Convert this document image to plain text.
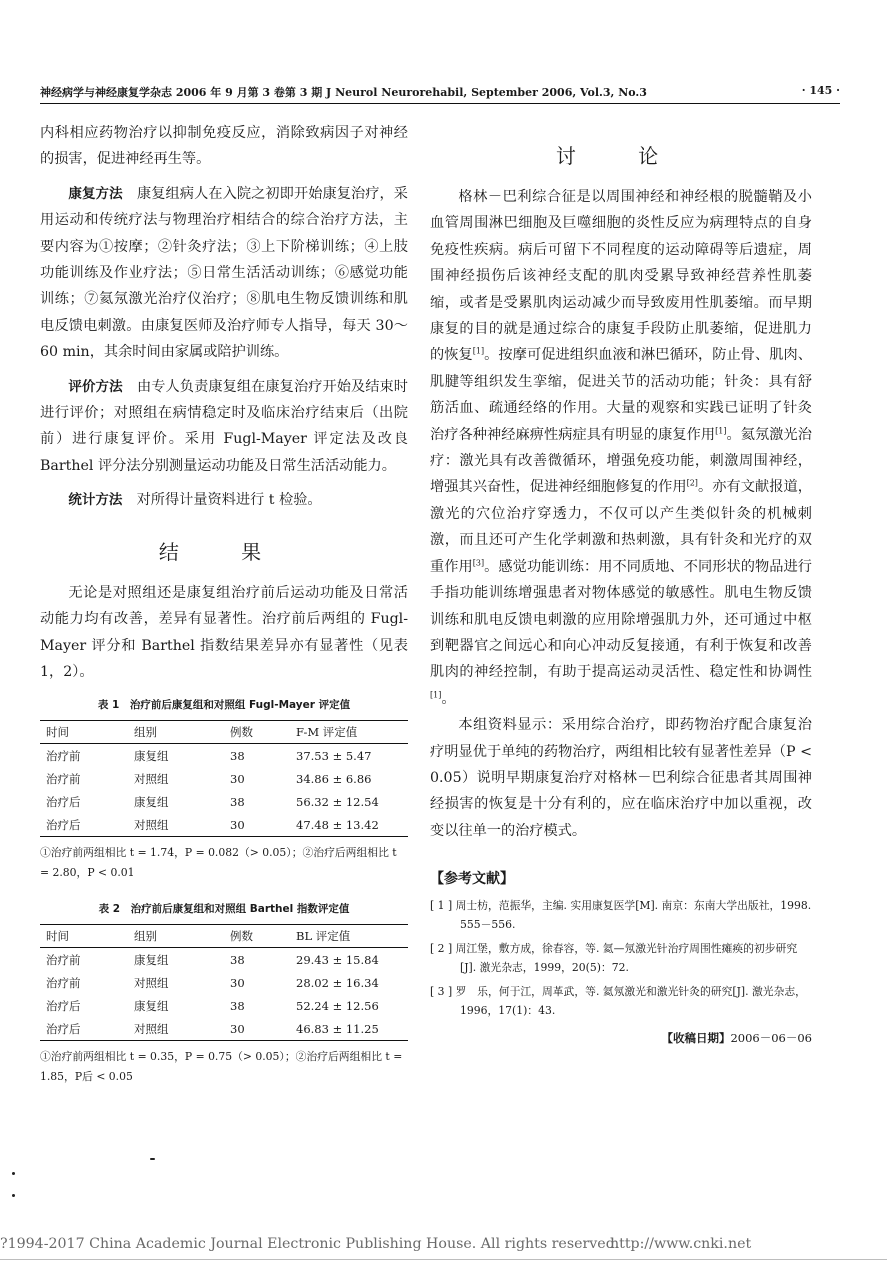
神经病学与神经康复学杂志 2006 年 9 月第 3 卷第 3 期 J Neurol Neurorehabil, September 2006, Vol.3, No.3	· 145 ·

内科相应药物治疗以抑制免疫反应，消除致病因子对神经的损害，促进神经再生等。

康复方法　 康复组病人在入院之初即开始康复治疗，采用运动和传统疗法与物理治疗相结合的综合治疗方法，主要内容为①按摩；②针灸疗法；③上下阶梯训练；④上肢功能训练及作业疗法；⑤日常生活活动训练；⑥感觉功能训练；⑦氦氖激光治疗仪治疗；⑧肌电生物反馈训练和肌电反馈电刺激。由康复医师及治疗师专人指导，每天 30～60 min，其余时间由家属或陪护训练。

评价方法　 由专人负责康复组在康复治疗开始及结束时进行评价；对照组在病情稳定时及临床治疗结束后（出院前）进行康复评价。采用 Fugl-Mayer 评定法及改良 Barthel 评分法分别测量运动功能及日常生活活动能力。

统计方法　 对所得计量资料进行 t 检验。

结 果

无论是对照组还是康复组治疗前后运动功能及日常活动能力均有改善，差异有显著性。治疗前后两组的 Fugl-Mayer 评分和 Barthel 指数结果差异亦有显著性（见表 1，2）。

表 1　治疗前后康复组和对照组 Fugl-Mayer 评定值
时间	组别	例数	F-M 评定值
治疗前	康复组	38	37.53 ± 5.47
治疗前	对照组	30	34.86 ± 6.86
治疗后	康复组	38	56.32 ± 12.54
治疗后	对照组	30	47.48 ± 13.42
①治疗前两组相比 t = 1.74，P = 0.082（> 0.05）；②治疗后两组相比 t = 2.80，P < 0.01
表 2　治疗前后康复组和对照组 Barthel 指数评定值
时间	组别	例数	BL 评定值
治疗前	康复组	38	29.43 ± 15.84
治疗前	对照组	30	28.02 ± 16.34
治疗后	康复组	38	52.24 ± 12.56
治疗后	对照组	30	46.83 ± 11.25
①治疗前两组相比 t = 0.35，P = 0.75（> 0.05）；②治疗后两组相比 t = 1.85，P后 < 0.05
讨 论

格林－巴利综合征是以周围神经和神经根的脱髓鞘及小血管周围淋巴细胞及巨噬细胞的炎性反应为病理特点的自身免疫性疾病。病后可留下不同程度的运动障碍等后遗症，周围神经损伤后该神经支配的肌肉受累导致神经营养性肌萎缩，或者是受累肌肉运动减少而导致废用性肌萎缩。而早期康复的目的就是通过综合的康复手段防止肌萎缩，促进肌力的恢复[1]。按摩可促进组织血液和淋巴循环，防止骨、肌肉、肌腱等组织发生挛缩，促进关节的活动功能；针灸：具有舒筋活血、疏通经络的作用。大量的观察和实践已证明了针灸治疗各种神经麻痹性病症具有明显的康复作用[1]。氦氖激光治疗：激光具有改善微循环，增强免疫功能，刺激周围神经，增强其兴奋性，促进神经细胞修复的作用[2]。亦有文献报道，激光的穴位治疗穿透力，不仅可以产生类似针灸的机械刺激，而且还可产生化学刺激和热刺激，具有针灸和光疗的双重作用[3]。感觉功能训练：用不同质地、不同形状的物品进行手指功能训练增强患者对物体感觉的敏感性。肌电生物反馈训练和肌电反馈电刺激的应用除增强肌力外，还可通过中枢到靶器官之间远心和向心冲动反复接通，有利于恢复和改善肌肉的神经控制，有助于提高运动灵活性、稳定性和协调性[1]。

本组资料显示：采用综合治疗，即药物治疗配合康复治疗明显优于单纯的药物治疗，两组相比较有显著性差异（P < 0.05）说明早期康复治疗对格林－巴利综合征患者其周围神经损害的恢复是十分有利的，应在临床治疗中加以重视，改变以往单一的治疗模式。

【参考文献】
[ 1 ] 周士枋，范振华，主编. 实用康复医学[M]. 南京：东南大学出版社，1998. 555－556.
[ 2 ] 周江堡，敷方成，徐春容，等. 氦—氖激光针治疗周围性瘫痪的初步研究[J]. 激光杂志，1999，20(5)：72.
[ 3 ] 罗　乐，何于江，周革武，等. 氦氖激光和激光针灸的研究[J]. 激光杂志，1996，17(1)：43.
【收稿日期】2006－06－06
?1994-2017 China Academic Journal Electronic Publishing House. All rights reserved.
http://www.cnki.net
